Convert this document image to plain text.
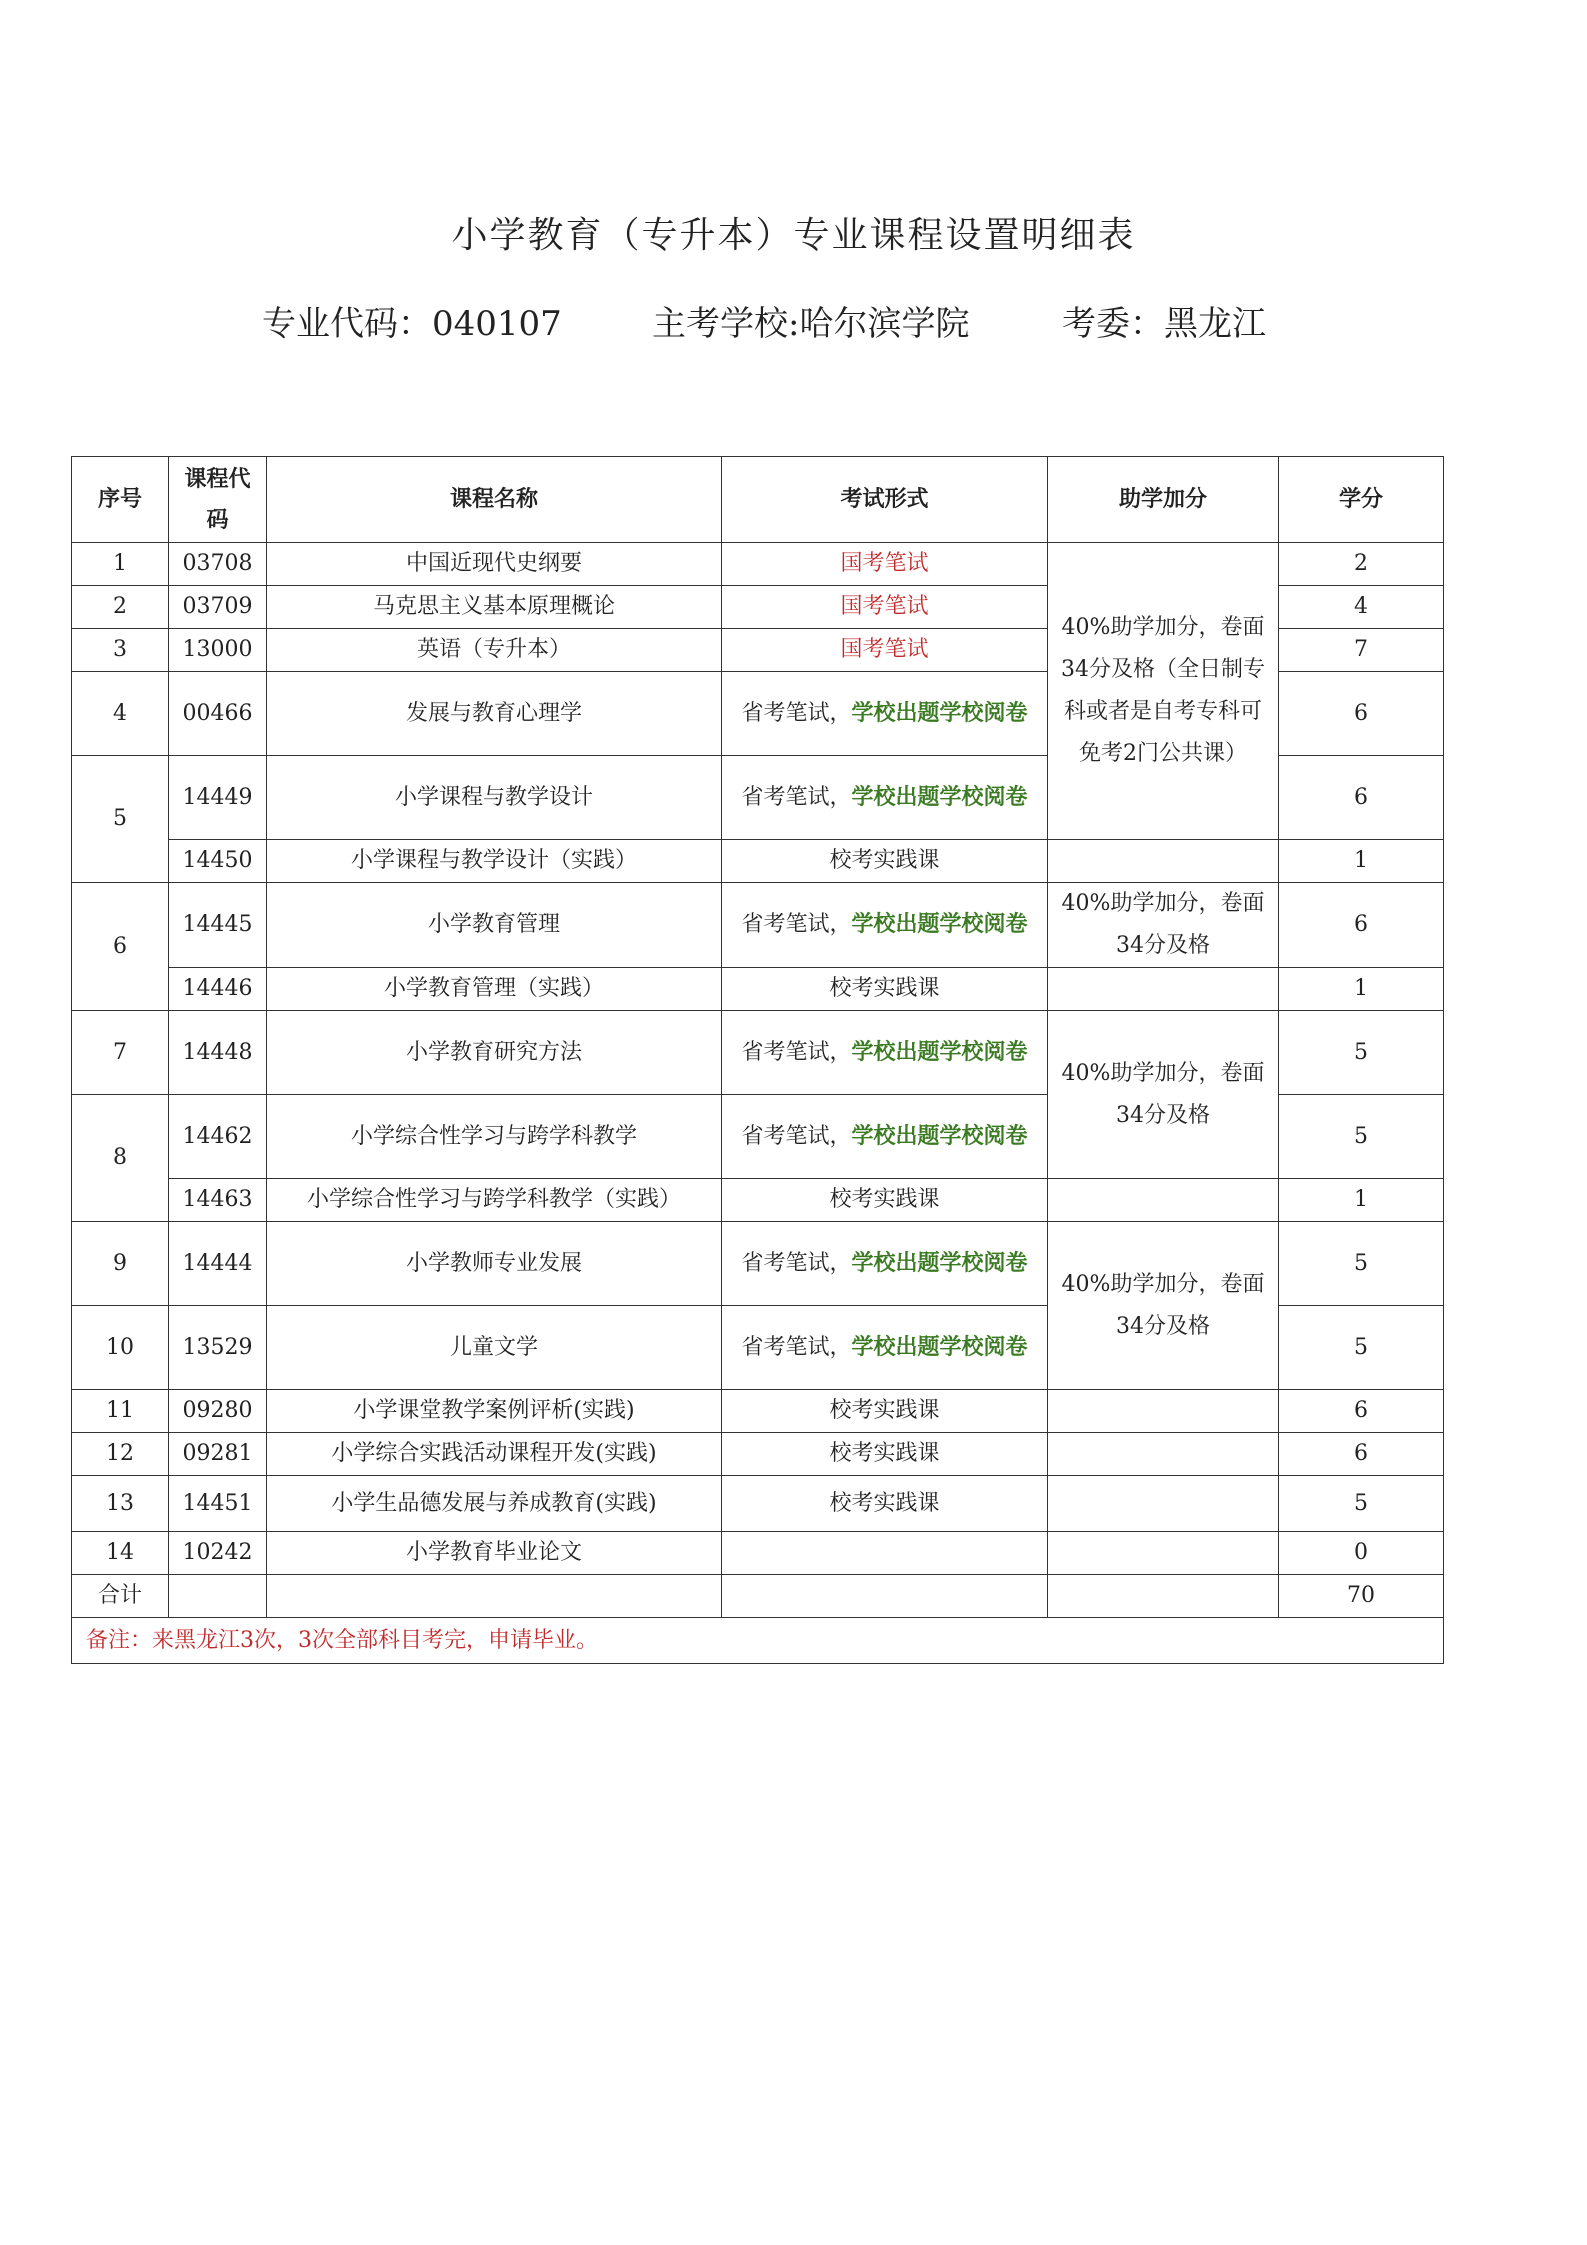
小学教育（专升本）专业课程设置明细表
专业代码：040107	主考学校:哈尔滨学院	考委：黑龙江
序号	课程代码	课程名称	考试形式	助学加分	学分
1	03708	中国近现代史纲要	国考笔试	40%助学加分，卷面34分及格（全日制专科或者是自考专科可免考2门公共课）	2
2	03709	马克思主义基本原理概论	国考笔试		4
3	13000	英语（专升本）	国考笔试		7
4	00466	发展与教育心理学	省考笔试，学校出题学校阅卷		6
5	14449	小学课程与教学设计	省考笔试，学校出题学校阅卷		6
	14450	小学课程与教学设计（实践）	校考实践课		1
6	14445	小学教育管理	省考笔试，学校出题学校阅卷	40%助学加分，卷面34分及格	6
	14446	小学教育管理（实践）	校考实践课		1
7	14448	小学教育研究方法	省考笔试，学校出题学校阅卷	40%助学加分，卷面34分及格	5
8	14462	小学综合性学习与跨学科教学	省考笔试，学校出题学校阅卷		5
	14463	小学综合性学习与跨学科教学（实践）	校考实践课		1
9	14444	小学教师专业发展	省考笔试，学校出题学校阅卷	40%助学加分，卷面34分及格	5
10	13529	儿童文学	省考笔试，学校出题学校阅卷		5
11	09280	小学课堂教学案例评析(实践)	校考实践课		6
12	09281	小学综合实践活动课程开发(实践)	校考实践课		6
13	14451	小学生品德发展与养成教育(实践)	校考实践课		5
14	10242	小学教育毕业论文			0
合计					70
备注：来黑龙江3次，3次全部科目考完，申请毕业。					
